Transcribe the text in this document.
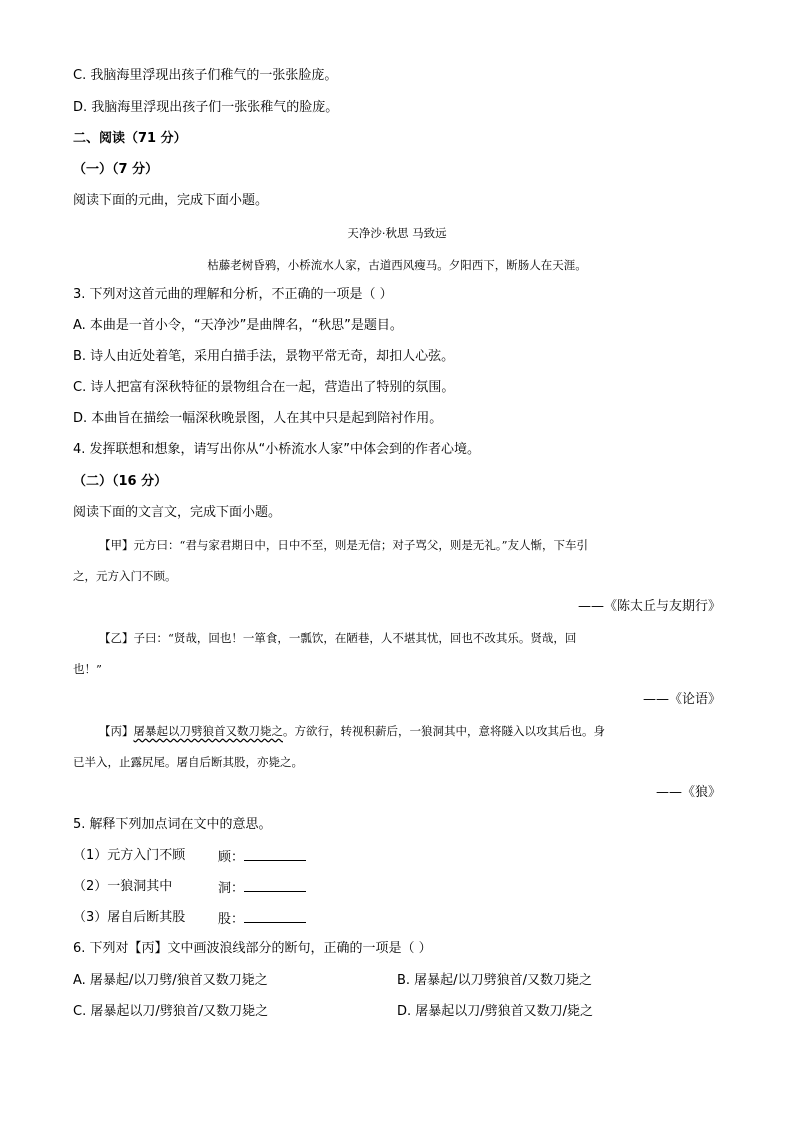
C. 我脑海里浮现出孩子们稚气的一张张脸庞。
D. 我脑海里浮现出孩子们一张张稚气的脸庞。
二、阅读（71 分）
（一）（7 分）
阅读下面的元曲，完成下面小题。
天净沙·秋思 马致远
枯藤老树昏鸦，小桥流水人家，古道西风瘦马。夕阳西下，断肠人在天涯。
3. 下列对这首元曲的理解和分析，不正确的一项是（ ）
A. 本曲是一首小令，“天净沙”是曲牌名，“秋思”是题目。
B. 诗人由近处着笔，采用白描手法，景物平常无奇，却扣人心弦。
C. 诗人把富有深秋特征的景物组合在一起，营造出了特别的氛围。
D. 本曲旨在描绘一幅深秋晚景图，人在其中只是起到陪衬作用。
4. 发挥联想和想象，请写出你从“小桥流水人家”中体会到的作者心境。
（二）（16 分）
阅读下面的文言文，完成下面小题。
【甲】元方曰：“君与家君期日中，日中不至，则是无信；对子骂父，则是无礼。”友人惭，下车引
之，元方入门不顾。
——《陈太丘与友期行》
【乙】子曰：“贤哉，回也！一箪食，一瓢饮，在陋巷，人不堪其忧，回也不改其乐。贤哉，回
也！”
——《论语》
【丙】屠暴起以刀劈狼首又数刀毙之。方欲行，转视积薪后，一狼洞其中，意将隧入以攻其后也。身
已半入，止露尻尾。屠自后断其股，亦毙之。
——《狼》
5. 解释下列加点词在文中的意思。
（1）元方入门不顾	顾：
（2）一狼洞其中	洞：
（3）屠自后断其股	股：
6. 下列对【丙】文中画波浪线部分的断句，正确的一项是（ ）
A. 屠暴起/以刀劈/狼首又数刀毙之	B. 屠暴起/以刀劈狼首/又数刀毙之
C. 屠暴起以刀/劈狼首/又数刀毙之	D. 屠暴起以刀/劈狼首又数刀/毙之
